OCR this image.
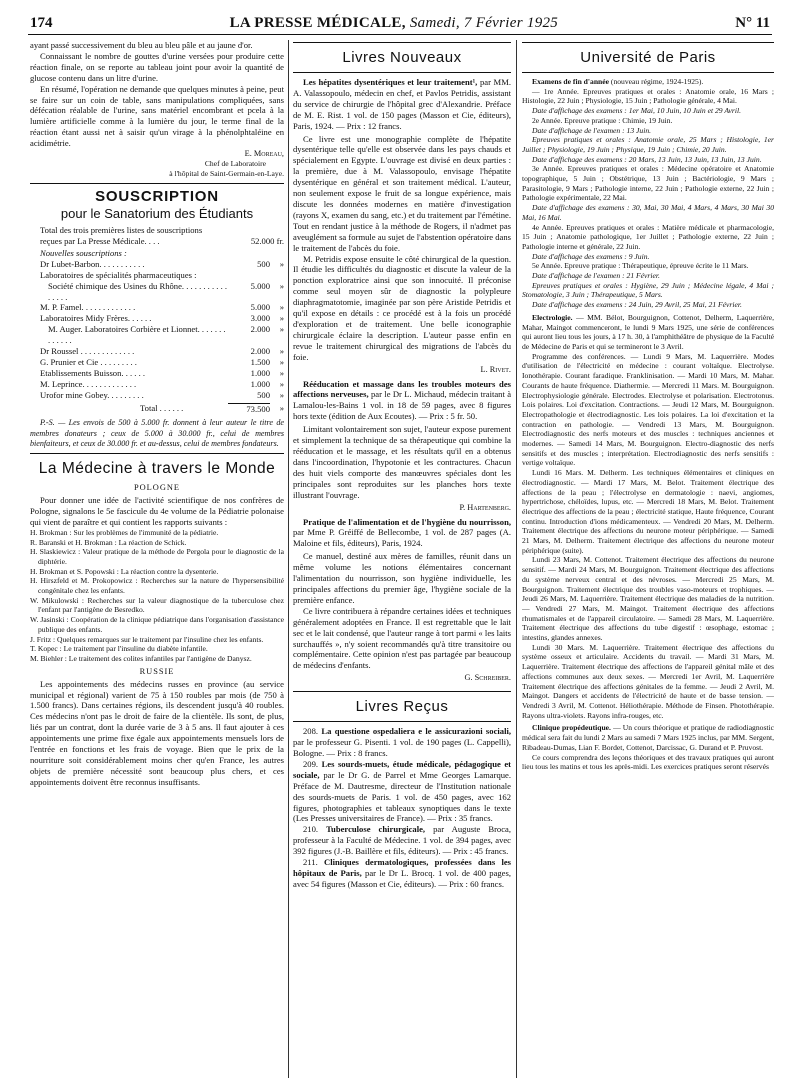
174	LA PRESSE MÉDICALE, Samedi, 7 Février 1925	N° 11

ayant passé successivement du bleu au bleu pâle et au jaune d'or.

Connaissant le nombre de gouttes d'urine versées pour produire cette réaction finale, on se reporte au tableau joint pour avoir la quantité de glucose contenu dans un litre d'urine.

En résumé, l'opération ne demande que quelques minutes à peine, peut se faire sur un coin de table, sans manipulations compliquées, sans défécation réalable de l'urine, sans matériel encombrant et pcela à la lumière artificielle comme à la lumière du jour, le terme final de la réaction étant aussi net à saisir qu'un virage à la phénolphtaléine en acidimétrie.

E. Moreau,
Chef de Laboratoire
à l'hôpital de Saint-Germain-en-Laye.
SOUSCRIPTION
pour le Sanatorium des Étudiants
Total des trois premières listes de souscriptions reçues par La Presse Médicale. . . .	52.000 fr.

Nouvelles souscriptions :

Dr Lubet-Barbon. . . . . . . . . . .	500	»
Laboratoires de spécialités pharmaceutiques :
Société chimique des Usines du Rhône. . . . . . . . . . . . . . . .
5.000	»
M. P. Famel. . . . . . . . . . . . .	5.000	»
Laboratoires Midy Frères. . . . . .	3.000	»
M. Auger. Laboratoires Corbière et Lionnet. . . . . . . . . . . . .
2.000	»
Dr Roussel . . . . . . . . . . . . .	2.000	»
G. Prunier et Cie . . . . . . . . .	1.500	»
Etablissements Buisson. . . . . .	1.000	»
M. Leprince. . . . . . . . . . . . .	1.000	»
Urofor mine Gobey. . . . . . . . .	500	»
Total . . . . . .	73.500	»

P.-S. — Les envois de 500 à 5.000 fr. donnent à leur auteur le titre de membres donateurs ; ceux de 5.000 à 30.000 fr., celui de membres bienfaiteurs, et ceux de 30.000 fr. et au-dessus, celui de membres fondateurs.

La Médecine à travers le Monde
POLOGNE

Pour donner une idée de l'activité scientifique de nos confrères de Pologne, signalons le 5e fascicule du 4e volume de la Pédiatrie polonaise qui vient de paraître et qui contient les rapports suivants :

H. Brokman : Sur les problèmes de l'immunité de la pédiatrie.

R. Baranski et H. Brokman : La réaction de Schick.

H. Slaskiewicz : Valeur pratique de la méthode de Pergola pour le diagnostic de la diphtérie.

H. Brokman et S. Popowski : La réaction contre la dysenterie.

H. Hirszfeld et M. Prokopowicz : Recherches sur la nature de l'hypersensibilité congénitale chez les enfants.

W. Mikulowski : Recherches sur la valeur diagnostique de la tuberculose chez l'enfant par l'antigène de Besredko.

W. Jasinski : Coopération de la clinique pédiatrique dans l'organisation d'assistance publique des enfants.

J. Fritz : Quelques remarques sur le traitement par l'insuline chez les enfants.

T. Kopec : Le traitement par l'insuline du diabète infantile.

M. Biehler : Le traitement des colites infantiles par l'antigène de Danysz.

RUSSIE

Les appointements des médecins russes en province (au service municipal et régional) varient de 75 à 150 roubles par mois (de 750 à 1.500 francs). Dans certaines régions, ils descendent jusqu'à 40 roubles. Ces médecins n'ont pas le droit de faire de la clientèle. Ils sont, de plus, liés par un contrat, dont la durée varie de 3 à 5 ans. Il faut ajouter à ces appointements une prime fixe égale aux appointements mensuels lors de l'entrée en fonctions et les frais de voyage. Bien que le prix de la nourriture soit considérablement moins cher qu'en France, les autres objets de première nécessité sont beaucoup plus chers, et ces appointements doivent être reconnus insuffisants.

Livres Nouveaux

Les hépatites dysentériques et leur traitement¹, par MM. A. Valassopoulo, médecin en chef, et Pavlos Petridis, assistant du service de chirurgie de l'hôpital grec d'Alexandrie. Préface de M. E. Rist. 1 vol. de 150 pages (Masson et Cie, éditeurs), Paris, 1924. — Prix : 12 francs.

Ce livre est une monographie complète de l'hépatite dysentérique telle qu'elle est observée dans les pays chauds et spécialement en Egypte. L'ouvrage est divisé en deux parties : la première, due à M. Valassopoulo, envisage l'hépatite dysentérique en général et son traitement médical. L'auteur, non seulement expose le fruit de sa longue expérience, mais discute les données modernes en matière d'investigation (rayons X, examen du sang, etc.) et du traitement par l'émétine. Tout en rendant justice à la méthode de Rogers, il n'admet pas aveuglément sa formule au sujet de l'abstention opératoire dans le traitement de l'abcès du foie.

M. Petridis expose ensuite le côté chirurgical de la question. Il étudie les difficultés du diagnostic et discute la valeur de la ponction exploratrice ainsi que son innocuité. Il préconise comme seul moyen sûr de diagnostic la polypleure diaphragmatotomie, imaginée par son père Aristide Petridis et qu'il expose en détails : ce procédé est à la fois un procédé d'exploration et de traitement. Une belle iconographie chirurgicale éclaire la description. L'auteur passe enfin en revue le traitement chirurgical des migrations de l'abcès du foie.

L. Rivet.

Rééducation et massage dans les troubles moteurs des affections nerveuses, par le Dr L. Michaud, médecin traitant à Lamalou-les-Bains 1 vol. in 18 de 59 pages, avec 8 figures hors texte (édition de Aux Ecoutes). — Prix : 5 fr. 50.

Limitant volontairement son sujet, l'auteur expose purement et simplement la technique de sa thérapeutique qui combine la rééducation et le massage, et les résultats qu'il en a obtenus dans l'incoordination, l'hypotonie et les contractures. Chacun des huit viels comporte des manœuvres spéciales dont les principales sont reproduites sur les planches hors texte illustrant l'ouvrage.

P. Hartenberg.

Pratique de l'alimentation et de l'hygiène du nourrisson, par Mme P. Gréiffé de Bellecombe, 1 vol. de 287 pages (A. Maloine et fils, éditeurs), Paris, 1924.

Ce manuel, destiné aux mères de familles, réunit dans un même volume les notions élémentaires concernant l'alimentation du nourrisson, son hygiène individuelle, les principales affections du premier âge, l'hygiène sociale de la première enfance.

Ce livre contribuera à répandre certaines idées et techniques généralement adoptées en France. Il est regrettable que le lait sec et le lait condensé, que l'auteur range à tort parmi « les laits surchauffés », n'y soient recommandés qu'à titre transitoire ou complémentaire. Cette opinion n'est pas partagée par beaucoup de médecins d'enfants.

G. Schreiber.
Livres Reçus

208. La questione ospedaliera e le assicurazioni sociali, par le professeur G. Pisenti. 1 vol. de 190 pages (L. Cappelli), Bologne. — Prix : 8 francs.

209. Les sourds-muets, étude médicale, pédagogique et sociale, par le Dr G. de Parrel et Mme Georges Lamarque. Préface de M. Dautresme, directeur de l'Institution nationale des sourds-muets de Paris. 1 vol. de 450 pages, avec 162 figures, photographies et tableaux synoptiques dans le texte (Les Presses universitaires de France). — Prix : 35 francs.

210. Tuberculose chirurgicale, par Auguste Broca, professeur à la Faculté de Médecine. 1 vol. de 394 pages, avec 392 figures (J.-B. Baillère et fils, éditeurs). — Prix : 45 francs.

211. Cliniques dermatologiques, professées dans les hôpitaux de Paris, par le Dr L. Brocq. 1 vol. de 400 pages, avec 54 figures (Masson et Cie, éditeurs). — Prix : 60 francs.

Université de Paris

Examens de fin d'année (nouveau régime, 1924-1925).

— 1re Année. Epreuves pratiques et orales : Anatomie orale, 16 Mars ; Histologie, 22 Juin ; Physiologie, 15 Juin ; Pathologie générale, 4 Mai.

Date d'affichage des examens : 1er Mai, 10 Juin, 10 Juin et 29 Avril.

2e Année. Epreuve pratique : Chimie, 19 Juin.

Date d'affichage de l'examen : 13 Juin.

Epreuves pratiques et orales : Anatomie orale, 25 Mars ; Histologie, 1er Juillet ; Physiologie, 19 Juin ; Physique, 19 Juin ; Chimie, 20 Juin.

Date d'affichage des examens : 20 Mars, 13 Juin, 13 Juin, 13 Juin, 13 Juin.

3e Année. Epreuves pratiques et orales : Médecine opératoire et Anatomie topographique, 5 Juin ; Obstétrique, 13 Juin ; Bactériologie, 9 Mars ; Parasitologie, 9 Mars ; Pathologie interne, 22 Juin ; Pathologie externe, 22 Juin ; Pathologie expérimentale, 22 Mai.

Date d'affichage des examens : 30, Mai, 30 Mai, 4 Mars, 4 Mars, 30 Mai 30 Mai, 16 Mai.

4e Année. Epreuves pratiques et orales : Matière médicale et pharmacologie, 15 Juin ; Anatomie pathologique, 1er Juillet ; Pathologie externe, 22 Juin ; Pathologie interne et générale, 22 Juin.

Date d'affichage des examens : 9 Juin.

5e Année. Epreuve pratique : Thérapeutique, épreuve écrite le 11 Mars.

Date d'affichage de l'examen : 21 Février.

Epreuves pratiques et orales : Hygiène, 29 Juin ; Médecine légale, 4 Mai ; Stomatologie, 3 Juin ; Thérapeutique, 5 Mars.

Date d'affichage des examens : 24 Juin, 29 Avril, 25 Mai, 21 Février.

Electrologie. — MM. Bélot, Bourguignon, Cottenot, Delherm, Laquerrière, Mahar, Maingot commenceront, le lundi 9 Mars 1925, une série de conférences qui auront lieu tous les jours, à 17 h. 30, à l'amphithéâtre de physique de la Faculté de Médecine de Paris et qui se termineront le 3 Avril.

Programme des conférences. — Lundi 9 Mars, M. Laquerrière. Modes d'utilisation de l'électricité en médecine : courant voltaïque. Electrolyse. Ionothérapie. Courant faradique. Franklinisation. — Mardi 10 Mars, M. Mahar. Courants de haute fréquence. Diathermie. — Mercredi 11 Mars. M. Bourguignon. Electrophysiologie générale. Electrodes. Electrolyse et polarisation. Electrotonus. Lois polaires. Loi d'excitation. Contractions. — Jeudi 12 Mars, M. Bourguignon. Electropathologie et électrodiagnostic. Les lois polaires. La loi d'excitation et la contraction en pathologie. — Vendredi 13 Mars, M. Bourguignon. Electrodiagnostic des nerfs moteurs et des muscles : techniques anciennes et modernes. — Samedi 14 Mars, M. Bourguignon. Electro-diagnostic des nerfs sensitifs et des muscles ; interprétation. Electrodiagnostic des nerfs sensitifs : vertige voltaïque.

Lundi 16 Mars. M. Delherm. Les techniques élémentaires et cliniques en électrodiagnostic. — Mardi 17 Mars, M. Belot. Traitement électrique des affections de la peau ; l'électrolyse en dermatologie : naevi, angiomes, hypertrichose, chéloïdes, lupus, etc. — Mercredi 18 Mars, M. Belot. Traitement électrique des affections de la peau ; électricité statique, Haute fréquence, Courant continu. Introduction d'ions médicamenteux. — Vendredi 20 Mars, M. Delherm. Traitement électrique des affections du neurone moteur périphérique. — Samedi 21 Mars, M. Delherm. Traitement électrique des affections du neurone moteur périphérique (suite).

Lundi 23 Mars, M. Cottenot. Traitement électrique des affections du neurone sensitif. — Mardi 24 Mars, M. Bourguignon. Traitement électrique des affections du système nerveux central et des névroses. — Mercredi 25 Mars, M. Bourguignon. Traitement électrique des troubles vaso-moteurs et trophiques. — Jeudi 26 Mars, M. Laquerrière. Traitement électrique des maladies de la nutrition. — Vendredi 27 Mars, M. Maingot. Traitement électrique des affections rhumatismales et de l'appareil circulatoire. — Samedi 28 Mars, M. Laquerrière. Traitement électrique des affections du tube digestif : œsophage, estomac ; intestins, glandes annexes.

Lundi 30 Mars. M. Laquerrière. Traitement électrique des affections du système osseux et articulaire. Accidents du travail. — Mardi 31 Mars, M. Laquerrière. Traitement électrique des affections de l'appareil génital mâle et des affections communes aux deux sexes. — Mercredi 1er Avril, M. Laquerrière Traitement électrique des affections génitales de la femme. — Jeudi 2 Avril, M. Maingot. Dangers et accidents de l'électricité de haute et de basse tension. — Vendredi 3 Avril, M. Cottenot. Héliothérapie. Méthode de Finsen. Photothérapie. Rayons ultra-violets. Rayons infra-rouges, etc.

Clinique propédeutique. — Un cours théorique et pratique de radiodiagnostic médical sera fait du lundi 2 Mars au samedi 7 Mars 1925 inclus, par MM. Sergent, Ribadeau-Dumas, Lian F. Bordet, Cottenot, Darcissac, G. Durand et P. Pruvost.

Ce cours comprendra des leçons théoriques et des travaux pratiques qui auront lieu tous les matins et tous les après-midi. Les exercices pratiques seront réservés
